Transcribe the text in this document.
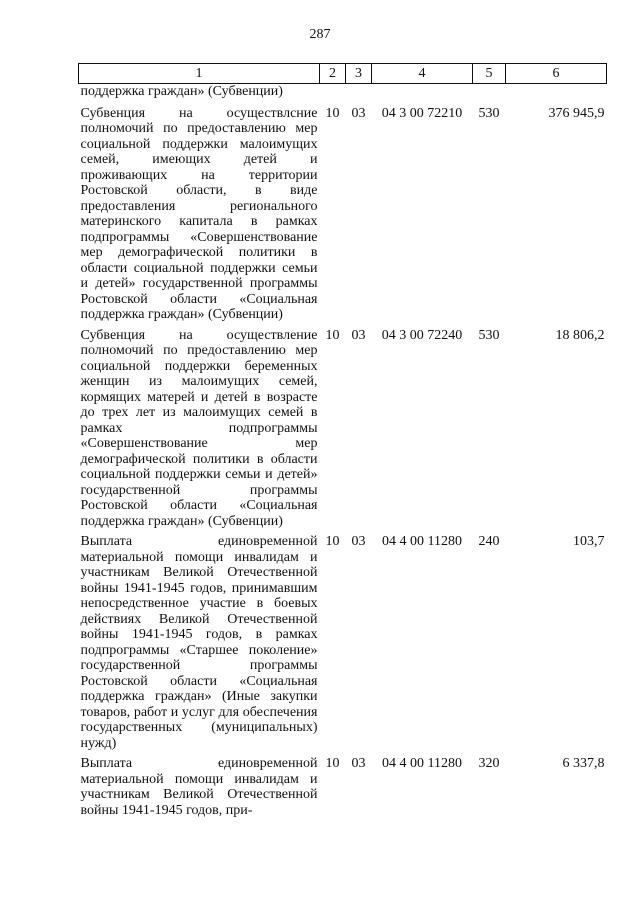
287
1	2	3	4	5	6
поддержка граждан» (Субвенции)					
Субвенция на осуществлсние полномочий по предоставлению мер социальной поддержки малоимущих семей, имеющих детей и проживающих на территории Ростовской области, в виде предоставления регионального материнского капитала в рамках подпрограммы «Совершенствование мер демографической политики в области социальной поддержки семьи и детей» государственной программы Ростовской области «Социальная поддержка граждан» (Субвенции)	10	03	04 3 00 72210	530	376 945,9
Субвенция на осуществление полномочий по предоставлению мер социальной поддержки беременных женщин из малоимущих семей, кормящих матерей и детей в возрасте до трех лет из малоимущих семей в рамках подпрограммы «Совершенствование мер демографической политики в области социальной поддержки семьи и детей» государственной программы Ростовской области «Социальная поддержка граждан» (Субвенции)	10	03	04 3 00 72240	530	18 806,2
Выплата единовременной материальной помощи инвалидам и участникам Великой Отечественной войны 1941-1945 годов, принимавшим непосредственное участие в боевых действиях Великой Отечественной войны 1941-1945 годов, в рамках подпрограммы «Старшее поколение» государственной программы Ростовской области «Социальная поддержка граждан» (Иные закупки товаров, работ и услуг для обеспечения государственных (муниципальных) нужд)	10	03	04 4 00 11280	240	103,7
Выплата единовременной материальной помощи инвалидам и участникам Великой Отечественной войны 1941-1945 годов, при-	10	03	04 4 00 11280	320	6 337,8
